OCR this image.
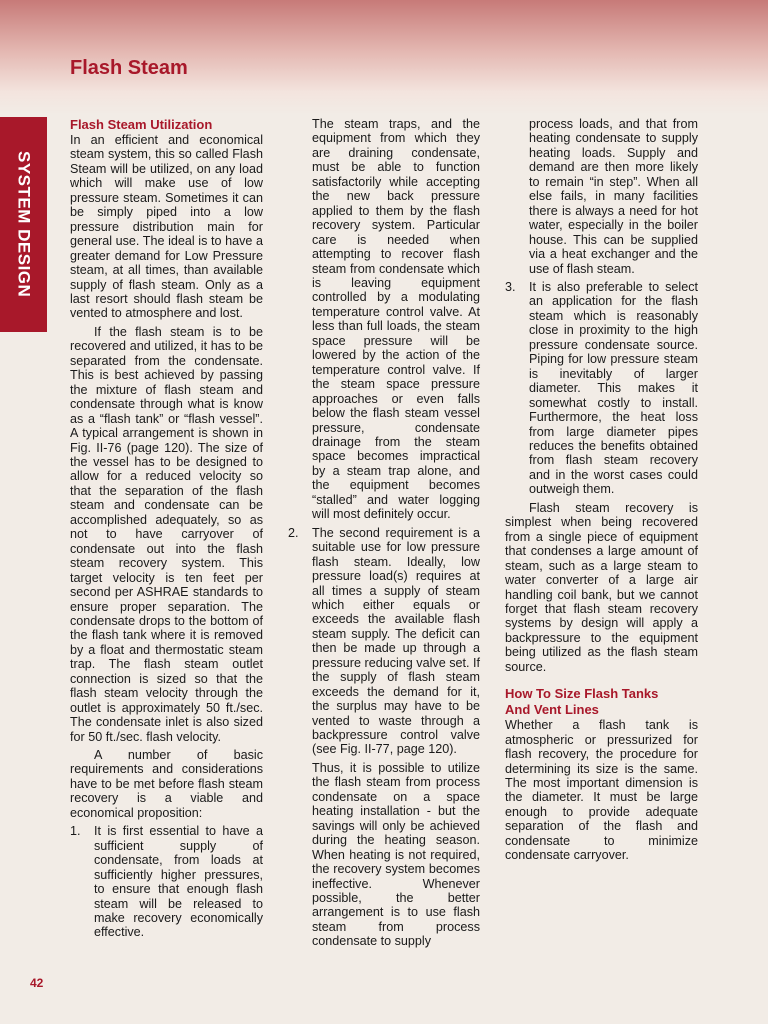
Flash Steam
SYSTEM DESIGN

Flash Steam Utilization

In an efficient and economical steam system, this so called Flash Steam will be utilized, on any load which will make use of low pressure steam. Sometimes it can be simply piped into a low pressure distribution main for general use. The ideal is to have a greater demand for Low Pressure steam, at all times, than available supply of flash steam. Only as a last resort should flash steam be vented to atmosphere and lost.

If the flash steam is to be recovered and utilized, it has to be separated from the condensate. This is best achieved by passing the mixture of flash steam and condensate through what is know as a “flash tank” or “flash vessel”. A typical arrangement is shown in Fig. II-76 (page 120). The size of the vessel has to be designed to allow for a reduced velocity so that the separation of the flash steam and condensate can be accomplished adequately, so as not to have carryover of condensate out into the flash steam recovery system. This target velocity is ten feet per second per ASHRAE standards to ensure proper separation. The condensate drops to the bottom of the flash tank where it is removed by a float and thermostatic steam trap. The flash steam outlet connection is sized so that the flash steam velocity through the outlet is approximately 50 ft./sec. The condensate inlet is also sized for 50 ft./sec. flash velocity.

A number of basic requirements and considerations have to be met before flash steam recovery is a viable and economical proposition:

1. It is first essential to have a sufficient supply of condensate, from loads at sufficiently higher pressures, to ensure that enough flash steam will be released to make recovery economically effective.

The steam traps, and the equipment from which they are draining condensate, must be able to function satisfactorily while accepting the new back pressure applied to them by the flash recovery system. Particular care is needed when attempting to recover flash steam from condensate which is leaving equipment controlled by a modulating temperature control valve. At less than full loads, the steam space pressure will be lowered by the action of the temperature control valve. If the steam space pressure approaches or even falls below the flash steam vessel pressure, condensate drainage from the steam space becomes impractical by a steam trap alone, and the equipment becomes “stalled” and water logging will most definitely occur.

2. The second requirement is a suitable use for low pressure flash steam. Ideally, low pressure load(s) requires at all times a supply of steam which either equals or exceeds the available flash steam supply. The deficit can then be made up through a pressure reducing valve set. If the supply of flash steam exceeds the demand for it, the surplus may have to be vented to waste through a backpressure control valve (see Fig. II-77, page 120).

Thus, it is possible to utilize the flash steam from process condensate on a space heating installation - but the savings will only be achieved during the heating season. When heating is not required, the recovery system becomes ineffective. Whenever possible, the better arrangement is to use flash steam from process condensate to supply

process loads, and that from heating condensate to supply heating loads. Supply and demand are then more likely to remain “in step”. When all else fails, in many facilities there is always a need for hot water, especially in the boiler house. This can be supplied via a heat exchanger and the use of flash steam.

3. It is also preferable to select an application for the flash steam which is reasonably close in proximity to the high pressure condensate source. Piping for low pressure steam is inevitably of larger diameter. This makes it somewhat costly to install. Furthermore, the heat loss from large diameter pipes reduces the benefits obtained from flash steam recovery and in the worst cases could outweigh them.

Flash steam recovery is simplest when being recovered from a single piece of equipment that condenses a large amount of steam, such as a large steam to water converter of a large air handling coil bank, but we cannot forget that flash steam recovery systems by design will apply a backpressure to the equipment being utilized as the flash steam source.

How To Size Flash Tanks
And Vent Lines

Whether a flash tank is atmospheric or pressurized for flash recovery, the procedure for determining its size is the same. The most important dimension is the diameter. It must be large enough to provide adequate separation of the flash and condensate to minimize condensate carryover.

42
